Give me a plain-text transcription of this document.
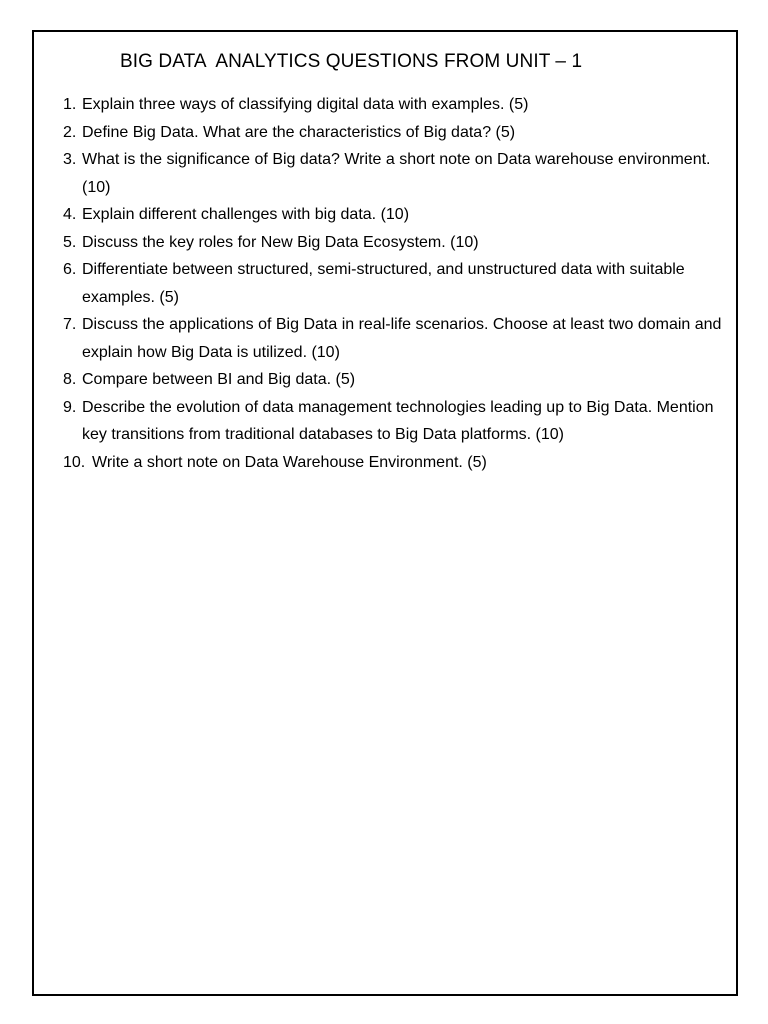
BIG DATA  ANALYTICS QUESTIONS FROM UNIT – 1
1. Explain three ways of classifying digital data with examples. (5)
2. Define Big Data. What are the characteristics of Big data? (5)
3. What is the significance of Big data? Write a short note on Data warehouse environment. (10)
4. Explain different challenges with big data. (10)
5. Discuss the key roles for New Big Data Ecosystem. (10)
6. Differentiate between structured, semi-structured, and unstructured data with suitable examples. (5)
7. Discuss the applications of Big Data in real-life scenarios. Choose at least two domain and explain how Big Data is utilized. (10)
8. Compare between BI and Big data. (5)
9. Describe the evolution of data management technologies leading up to Big Data. Mention key transitions from traditional databases to Big Data platforms. (10)
10. Write a short note on Data Warehouse Environment. (5)
